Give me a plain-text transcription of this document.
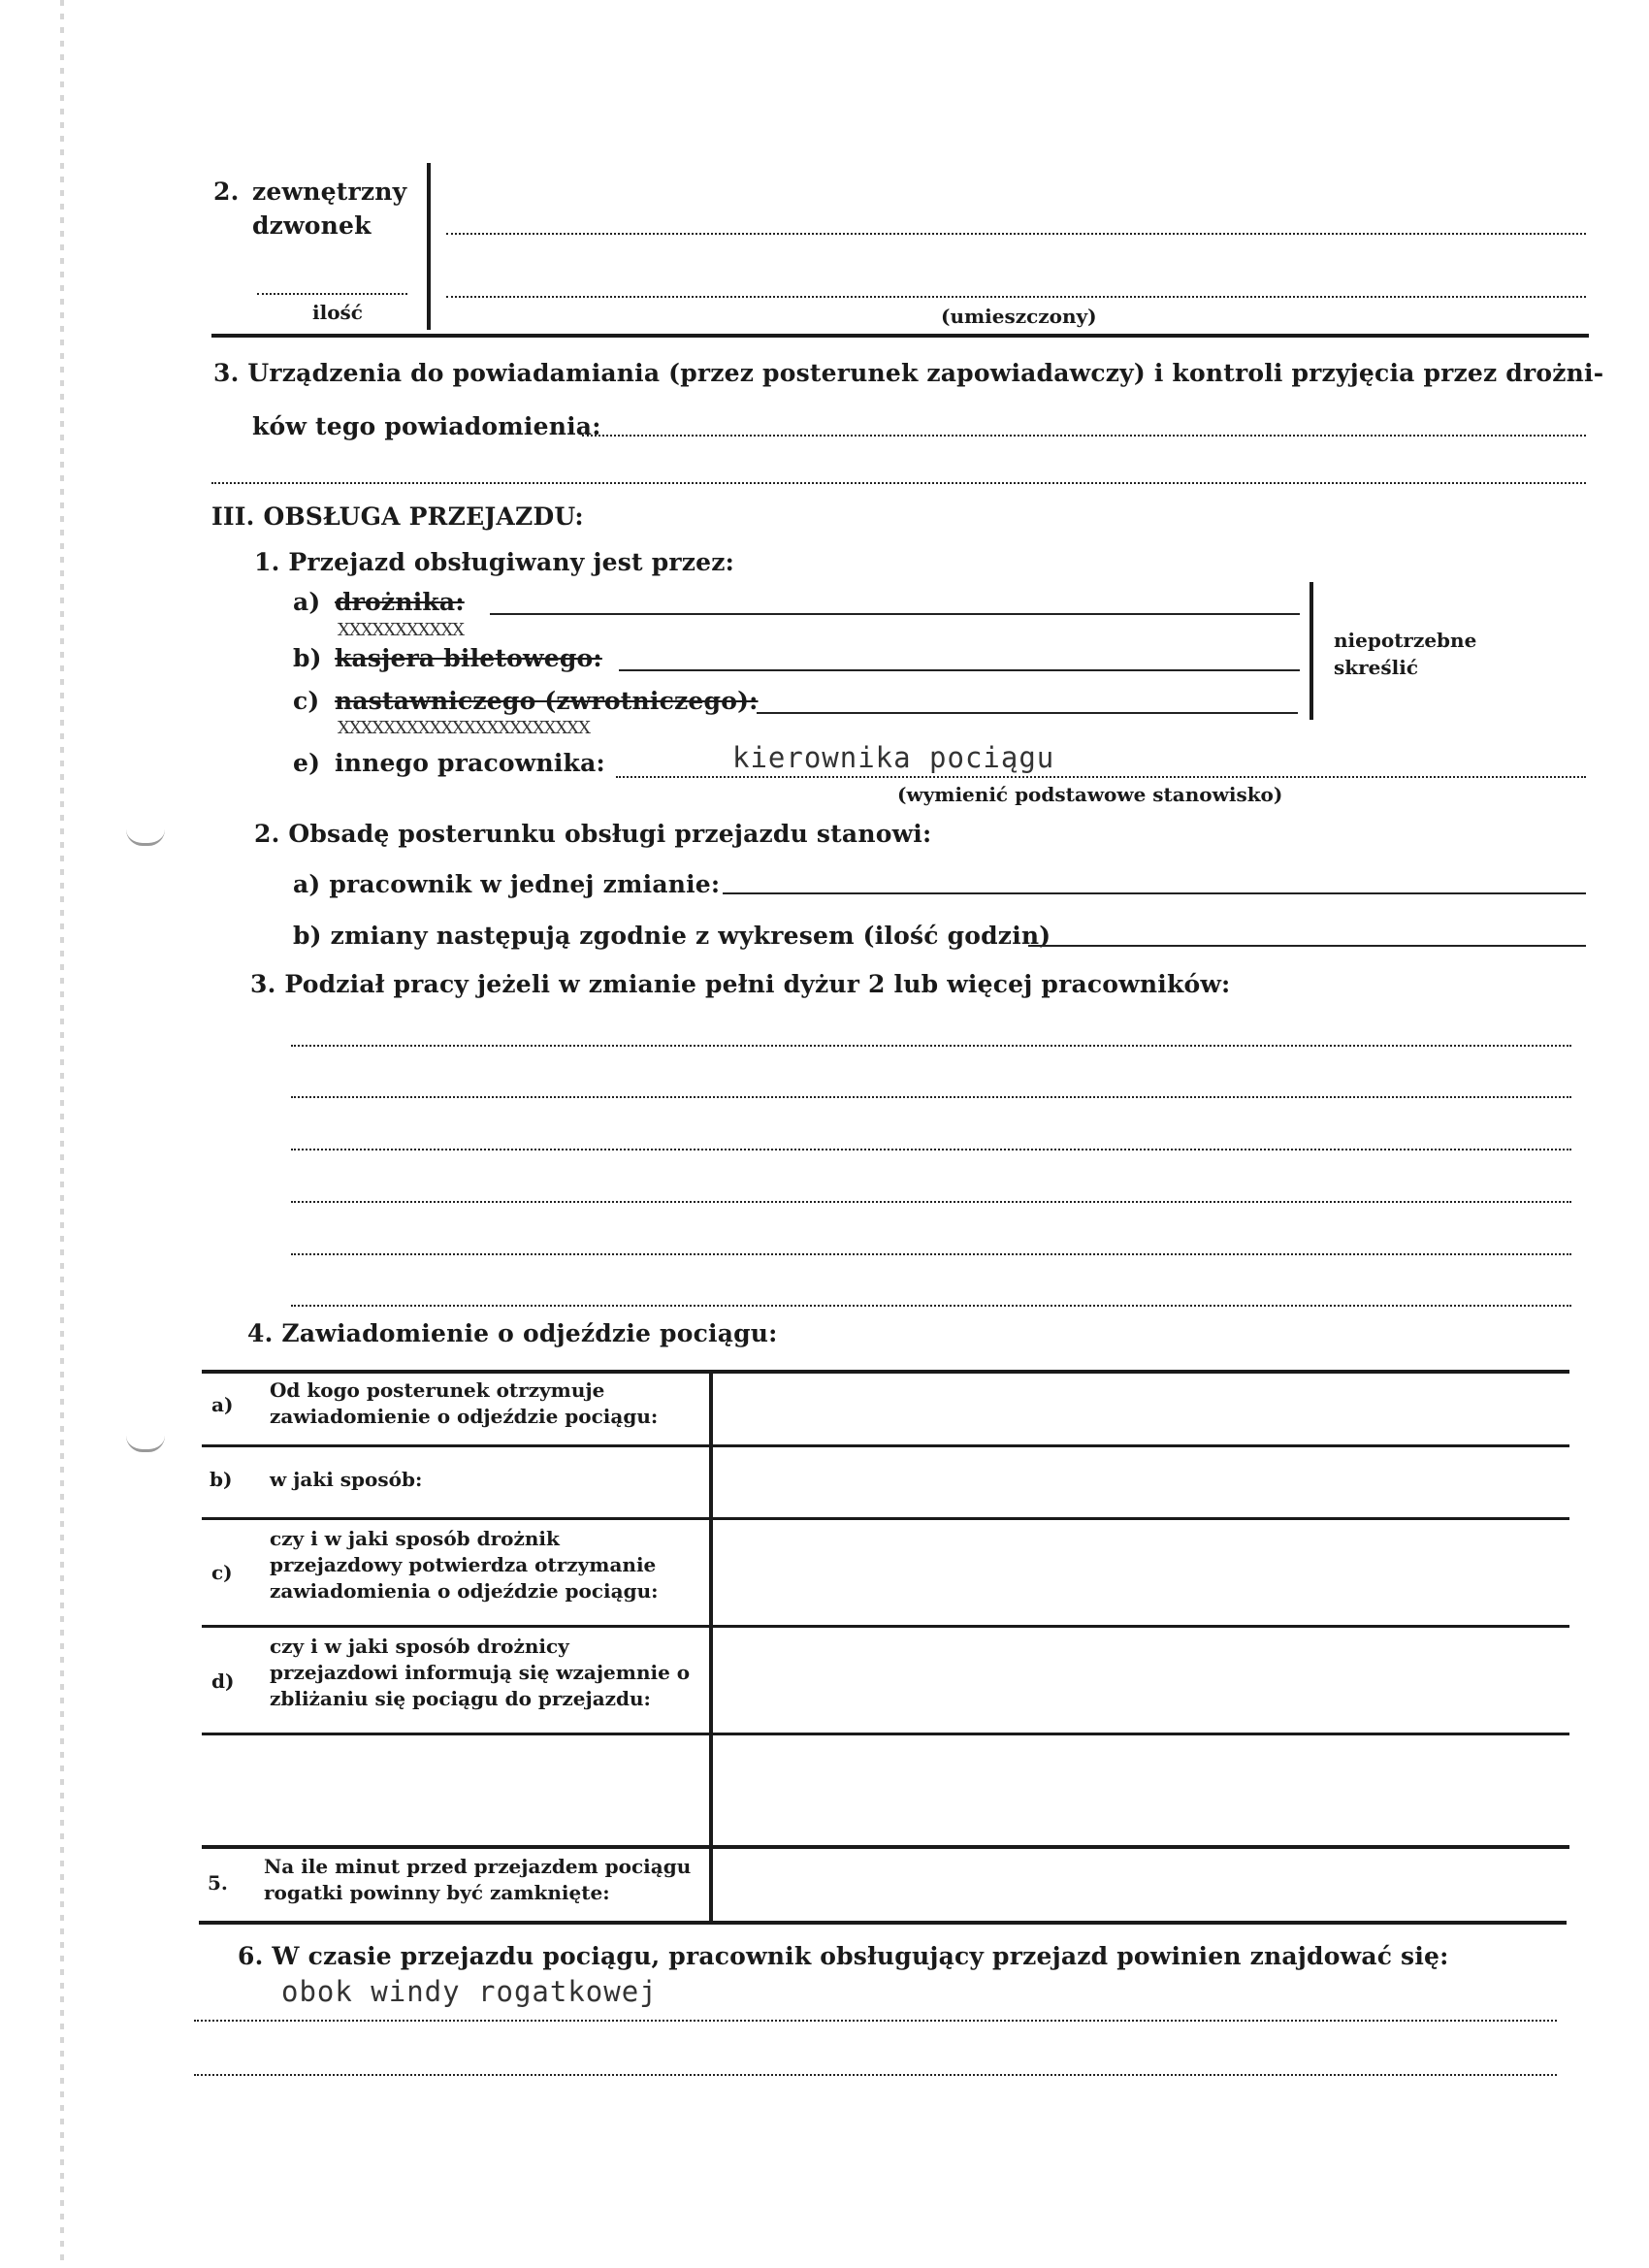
2. zewnętrzny
dzwonek
ilość	(umieszczony)
3. Urządzenia do powiadamiania (przez posterunek zapowiadawczy) i kontroli przyjęcia przez drożni-
ków tego powiadomienia:
III. OBSŁUGA PRZEJAZDU:
1. Przejazd obsługiwany jest przez:
a) drożnika:
XXXXXXXXXXX
b) kasjera biletowego:
c) nastawniczego (zwrotniczego):
XXXXXXXXXXXXXXXXXXXXXX
niepotrzebne
skreślić
e) innego pracownika:	kierownika pociągu
(wymienić podstawowe stanowisko)
2. Obsadę posterunku obsługi przejazdu stanowi:
a) pracownik w jednej zmianie:
b) zmiany następują zgodnie z wykresem (ilość godzin)
3. Podział pracy jeżeli w zmianie pełni dyżur 2 lub więcej pracowników:
4. Zawiadomienie o odjeździe pociągu:
a)
Od kogo posterunek otrzymuje zawiadomienie o odjeździe pociągu:
b) w jaki sposób:
c)
czy i w jaki sposób drożnik przejazdowy potwierdza otrzymanie zawiadomienia o odjeździe pociągu:
d)
czy i w jaki sposób drożnicy przejazdowi informują się wzajemnie o zbliżaniu się pociągu do przejazdu:
5.
Na ile minut przed przejazdem pociągu rogatki powinny być zamknięte:
6. W czasie przejazdu pociągu, pracownik obsługujący przejazd powinien znajdować się:
obok windy rogatkowej
